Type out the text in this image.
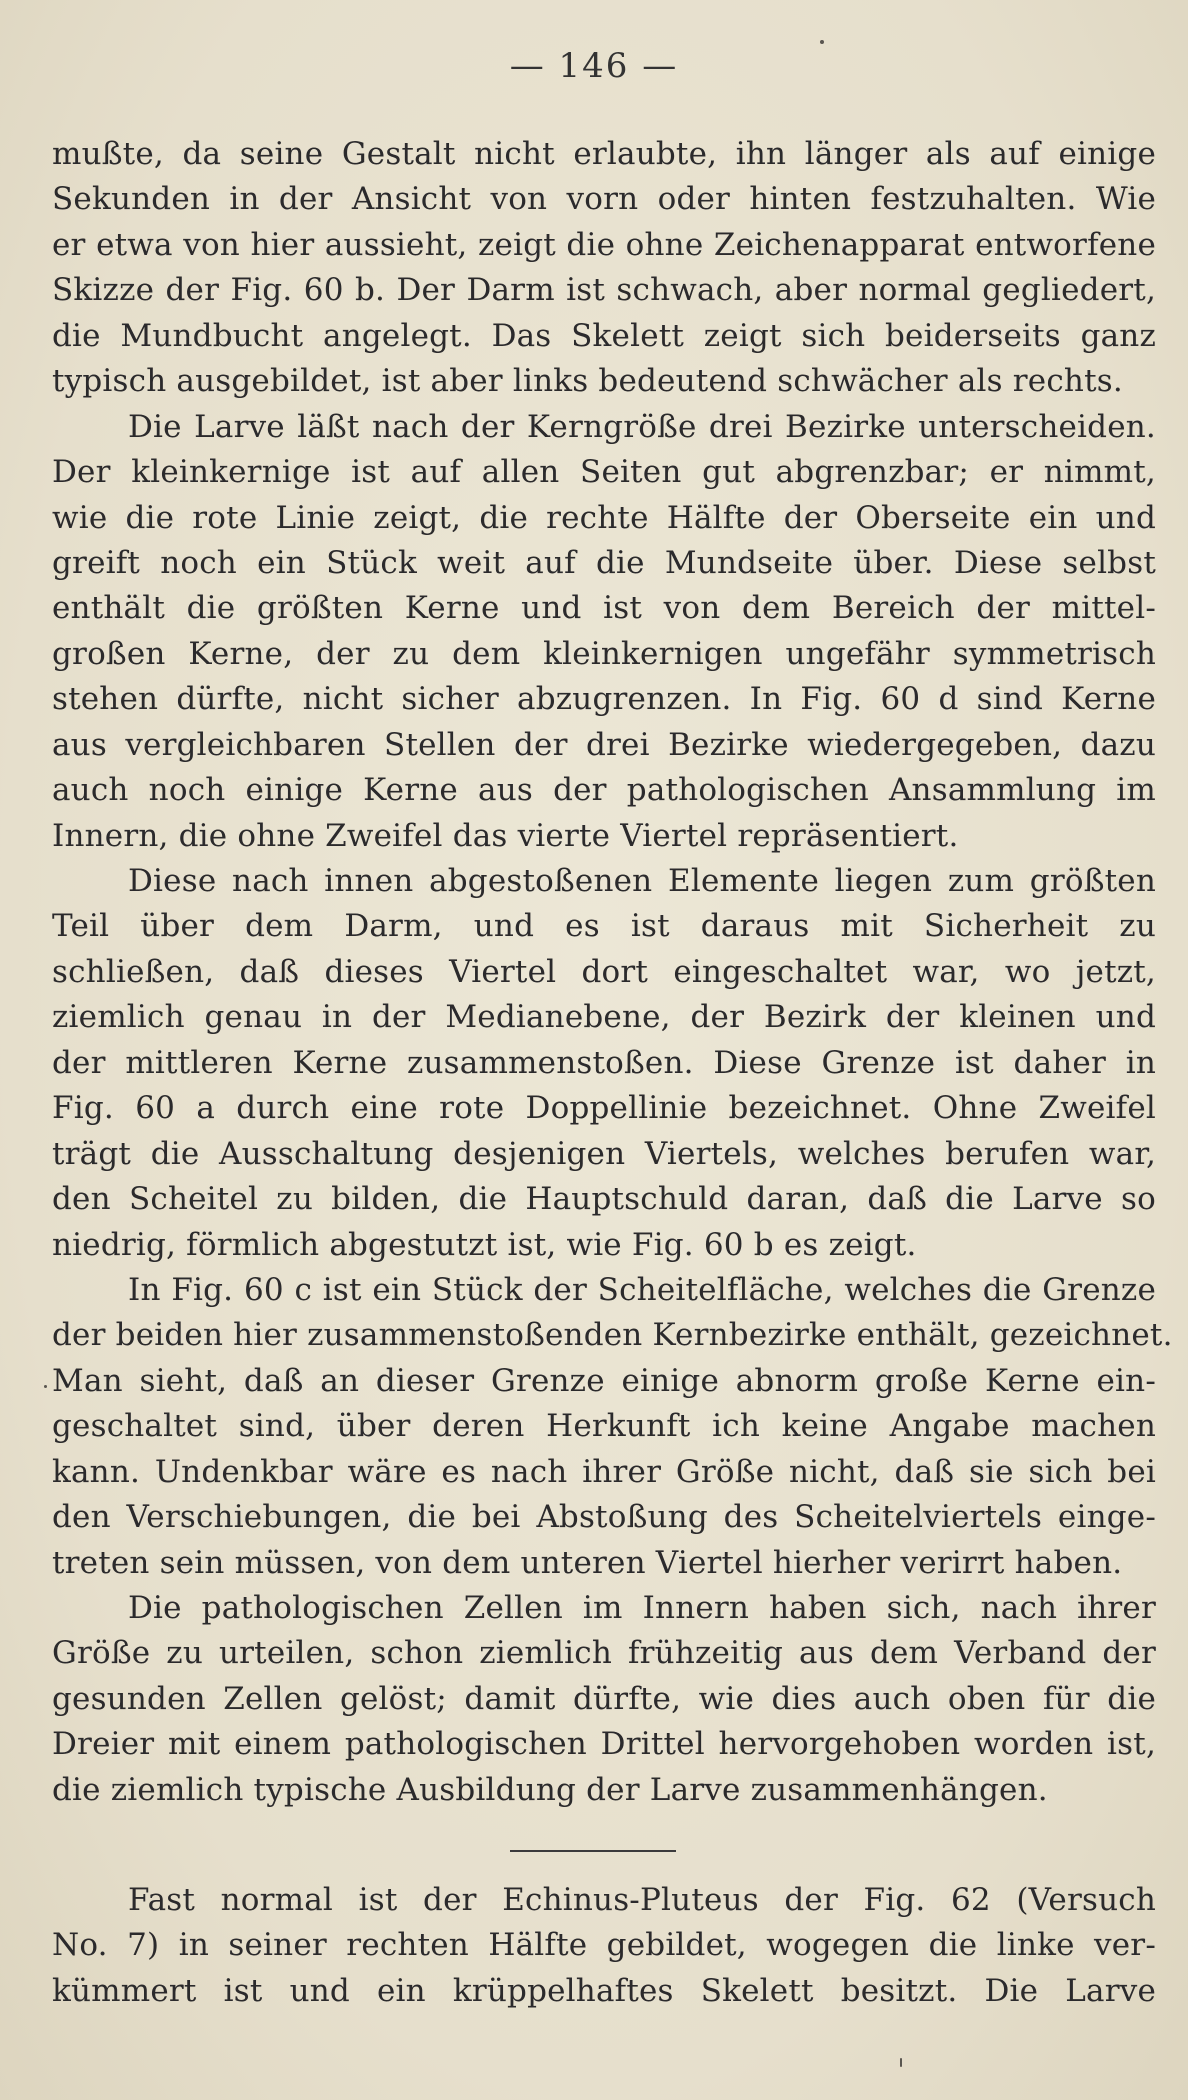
— 146 —
mußte, da seine Gestalt nicht erlaubte, ihn länger als auf einige
Sekunden in der Ansicht von vorn oder hinten festzuhalten. Wie
er etwa von hier aussieht, zeigt die ohne Zeichenapparat entworfene
Skizze der Fig. 60 b. Der Darm ist schwach, aber normal gegliedert,
die Mundbucht angelegt. Das Skelett zeigt sich beiderseits ganz
typisch ausgebildet, ist aber links bedeutend schwächer als rechts.
Die Larve läßt nach der Kerngröße drei Bezirke unterscheiden.
Der kleinkernige ist auf allen Seiten gut abgrenzbar; er nimmt,
wie die rote Linie zeigt, die rechte Hälfte der Oberseite ein und
greift noch ein Stück weit auf die Mundseite über. Diese selbst
enthält die größten Kerne und ist von dem Bereich der mittel-
großen Kerne, der zu dem kleinkernigen ungefähr symmetrisch
stehen dürfte, nicht sicher abzugrenzen. In Fig. 60 d sind Kerne
aus vergleichbaren Stellen der drei Bezirke wiedergegeben, dazu
auch noch einige Kerne aus der pathologischen Ansammlung im
Innern, die ohne Zweifel das vierte Viertel repräsentiert.
Diese nach innen abgestoßenen Elemente liegen zum größten
Teil über dem Darm, und es ist daraus mit Sicherheit zu
schließen, daß dieses Viertel dort eingeschaltet war, wo jetzt,
ziemlich genau in der Medianebene, der Bezirk der kleinen und
der mittleren Kerne zusammenstoßen. Diese Grenze ist daher in
Fig. 60 a durch eine rote Doppellinie bezeichnet. Ohne Zweifel
trägt die Ausschaltung desjenigen Viertels, welches berufen war,
den Scheitel zu bilden, die Hauptschuld daran, daß die Larve so
niedrig, förmlich abgestutzt ist, wie Fig. 60 b es zeigt.
In Fig. 60 c ist ein Stück der Scheitelfläche, welches die Grenze
der beiden hier zusammenstoßenden Kernbezirke enthält, gezeichnet.
Man sieht, daß an dieser Grenze einige abnorm große Kerne ein-
geschaltet sind, über deren Herkunft ich keine Angabe machen
kann. Undenkbar wäre es nach ihrer Größe nicht, daß sie sich bei
den Verschiebungen, die bei Abstoßung des Scheitelviertels einge-
treten sein müssen, von dem unteren Viertel hierher verirrt haben.
Die pathologischen Zellen im Innern haben sich, nach ihrer
Größe zu urteilen, schon ziemlich frühzeitig aus dem Verband der
gesunden Zellen gelöst; damit dürfte, wie dies auch oben für die
Dreier mit einem pathologischen Drittel hervorgehoben worden ist,
die ziemlich typische Ausbildung der Larve zusammenhängen.
Fast normal ist der Echinus-Pluteus der Fig. 62 (Versuch
No. 7) in seiner rechten Hälfte gebildet, wogegen die linke ver-
kümmert ist und ein krüppelhaftes Skelett besitzt. Die Larve
